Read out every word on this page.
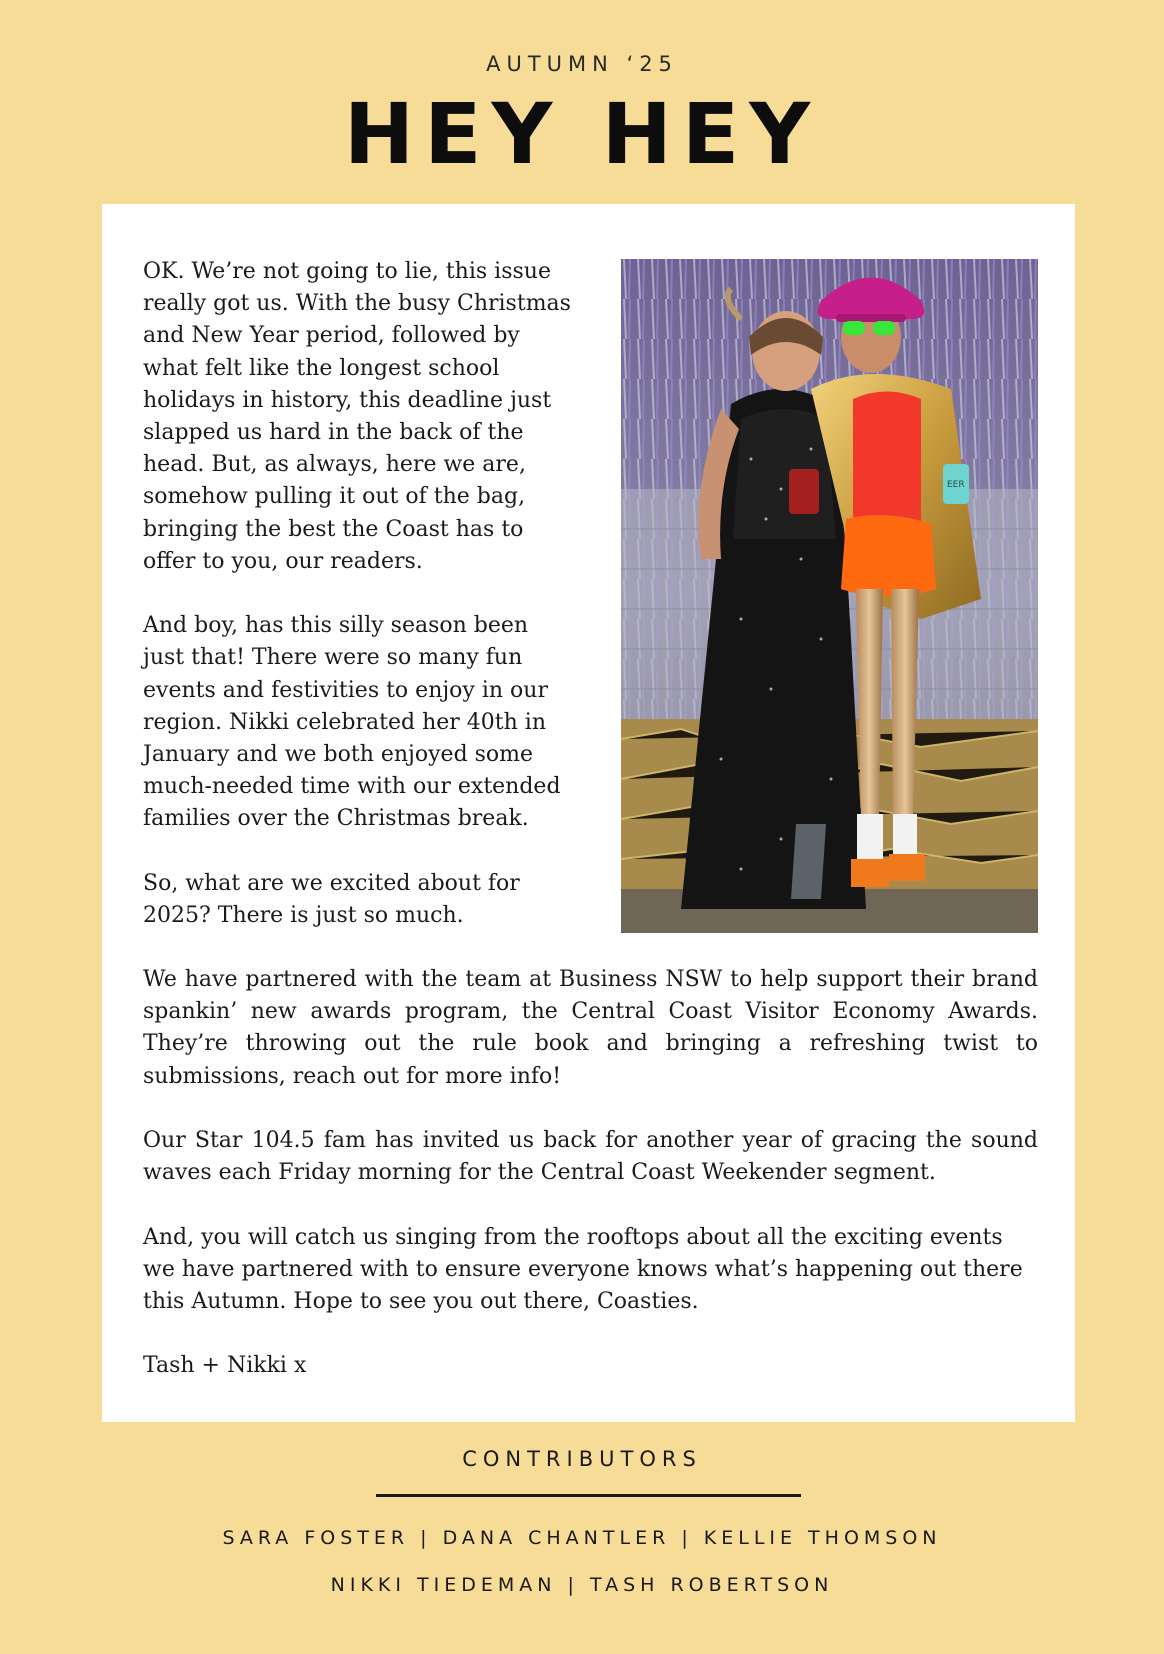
AUTUMN ‘25
HEY HEY

OK. We’re not going to lie, this issue really got us. With the busy Christmas and New Year period, followed by what felt like the longest school holidays in history, this deadline just slapped us hard in the back of the head. But, as always, here we are, somehow pulling it out of the bag, bringing the best the Coast has to offer to you, our readers.

And boy, has this silly season been just that! There were so many fun events and festivities to enjoy in our region. Nikki celebrated her 40th in January and we both enjoyed some much-needed time with our extended families over the Christmas break.

So, what are we excited about for 2025? There is just so much.

EER

We have partnered with the team at Business NSW to help support their brand spankin’ new awards program, the Central Coast Visitor Economy Awards. They’re throwing out the rule book and bringing a refreshing twist to submissions, reach out for more info!

Our Star 104.5 fam has invited us back for another year of gracing the sound waves each Friday morning for the Central Coast Weekender segment.

And, you will catch us singing from the rooftops about all the exciting events we have partnered with to ensure everyone knows what’s happening out there this Autumn. Hope to see you out there, Coasties.

Tash + Nikki x

CONTRIBUTORS
SARA FOSTER | DANA CHANTLER | KELLIE THOMSON
NIKKI TIEDEMAN | TASH ROBERTSON
